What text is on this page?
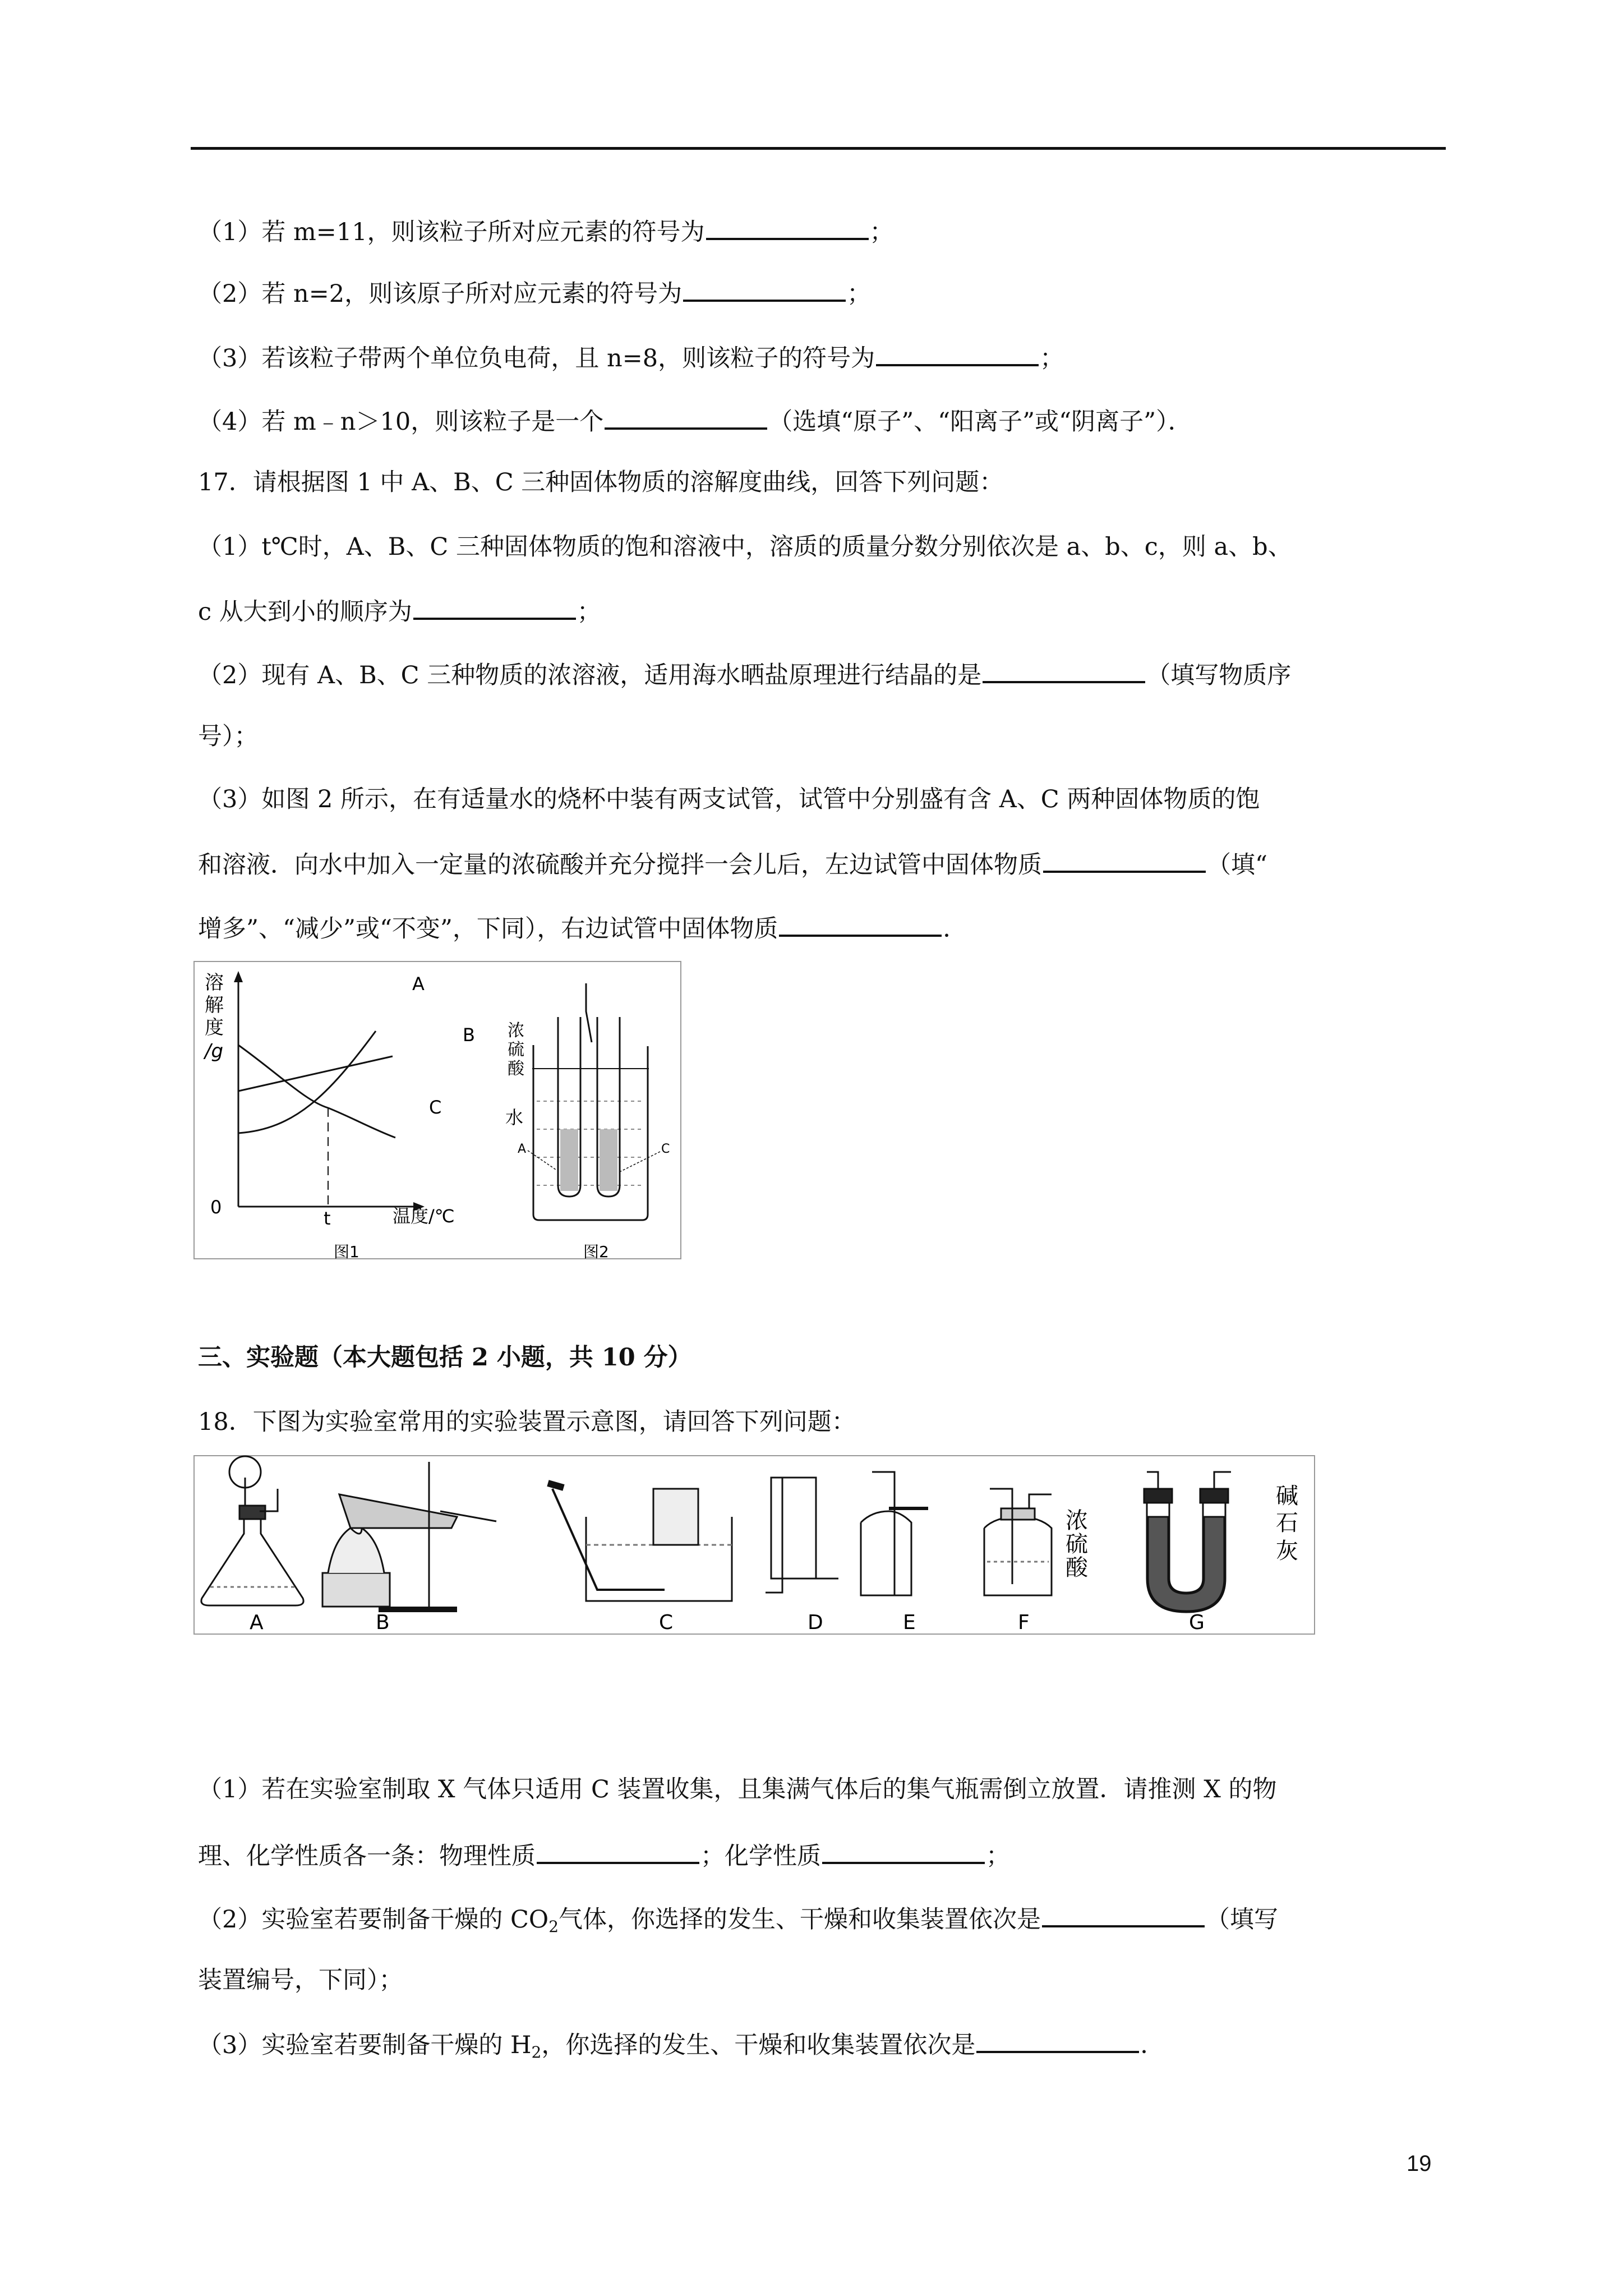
（1）若 m=11，则该粒子所对应元素的符号为	；
（2）若 n=2，则该原子所对应元素的符号为	；
（3）若该粒子带两个单位负电荷，且 n=8，则该粒子的符号为	；
（4）若 m﹣n＞10，则该粒子是一个	（选填“原子”、“阳离子”或“阴离子”）．
17．请根据图 1 中 A、B、C 三种固体物质的溶解度曲线，回答下列问题：
（1）t℃时，A、B、C 三种固体物质的饱和溶液中，溶质的质量分数分别依次是 a、b、c，则 a、b、
c 从大到小的顺序为	；
（2）现有 A、B、C 三种物质的浓溶液，适用海水晒盐原理进行结晶的是	（填写物质序
号）；
（3）如图 2 所示，在有适量水的烧杯中装有两支试管，试管中分别盛有含 A、C 两种固体物质的饱
和溶液．向水中加入一定量的浓硫酸并充分搅拌一会儿后，左边试管中固体物质	（填“
增多”、“减少”或“不变”，下同），右边试管中固体物质	．
溶
解
度
/g
0
t	温度/℃
A
B
C
图1
浓
硫
酸
水
A	C
图2
三、实验题（本大题包括 2 小题，共 10 分）
18．下图为实验室常用的实验装置示意图，请回答下列问题：
浓
硫
酸
碱
石
灰
A	B	C	D	E	F	G
（1）若在实验室制取 X 气体只适用 C 装置收集，且集满气体后的集气瓶需倒立放置．请推测 X 的物
理、化学性质各一条：物理性质	；化学性质	；
（2）实验室若要制备干燥的 $CO_2$气体，你选择的发生、干燥和收集装置依次是	（填写
装置编号，下同）；
（3）实验室若要制备干燥的 $H_2$，你选择的发生、干燥和收集装置依次是	．
19
